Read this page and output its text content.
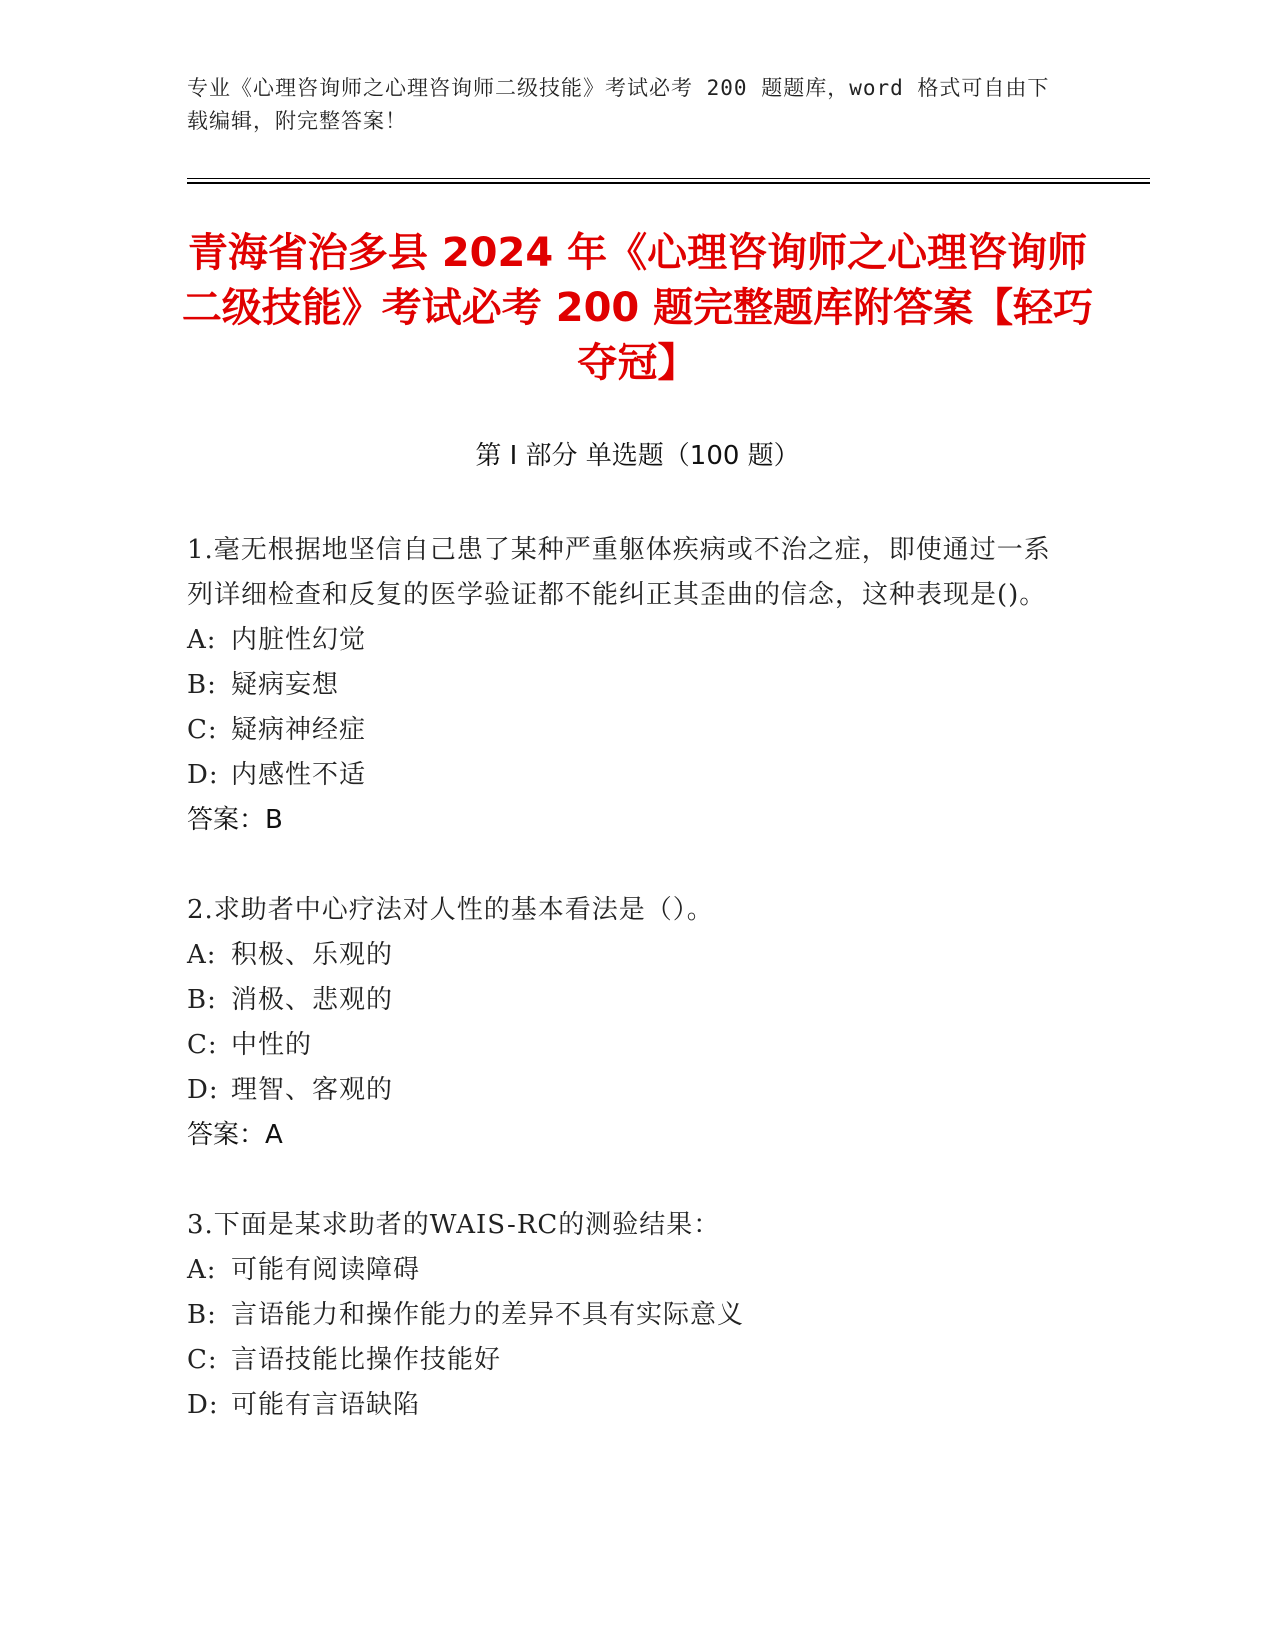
专业《心理咨询师之心理咨询师二级技能》考试必考 200 题题库，word 格式可自由下载编辑，附完整答案！
青海省治多县 2024 年《心理咨询师之心理咨询师二级技能》考试必考 200 题完整题库附答案【轻巧夺冠】
第 I 部分 单选题（100 题）
1.毫无根据地坚信自己患了某种严重躯体疾病或不治之症，即使通过一系列详细检查和反复的医学验证都不能纠正其歪曲的信念，这种表现是()。
A: 内脏性幻觉
B: 疑病妄想
C: 疑病神经症
D: 内感性不适
答案：B
2.求助者中心疗法对人性的基本看法是（）。
A: 积极、乐观的
B: 消极、悲观的
C: 中性的
D: 理智、客观的
答案：A
3.下面是某求助者的WAIS-RC的测验结果：
A: 可能有阅读障碍
B: 言语能力和操作能力的差异不具有实际意义
C: 言语技能比操作技能好
D: 可能有言语缺陷
